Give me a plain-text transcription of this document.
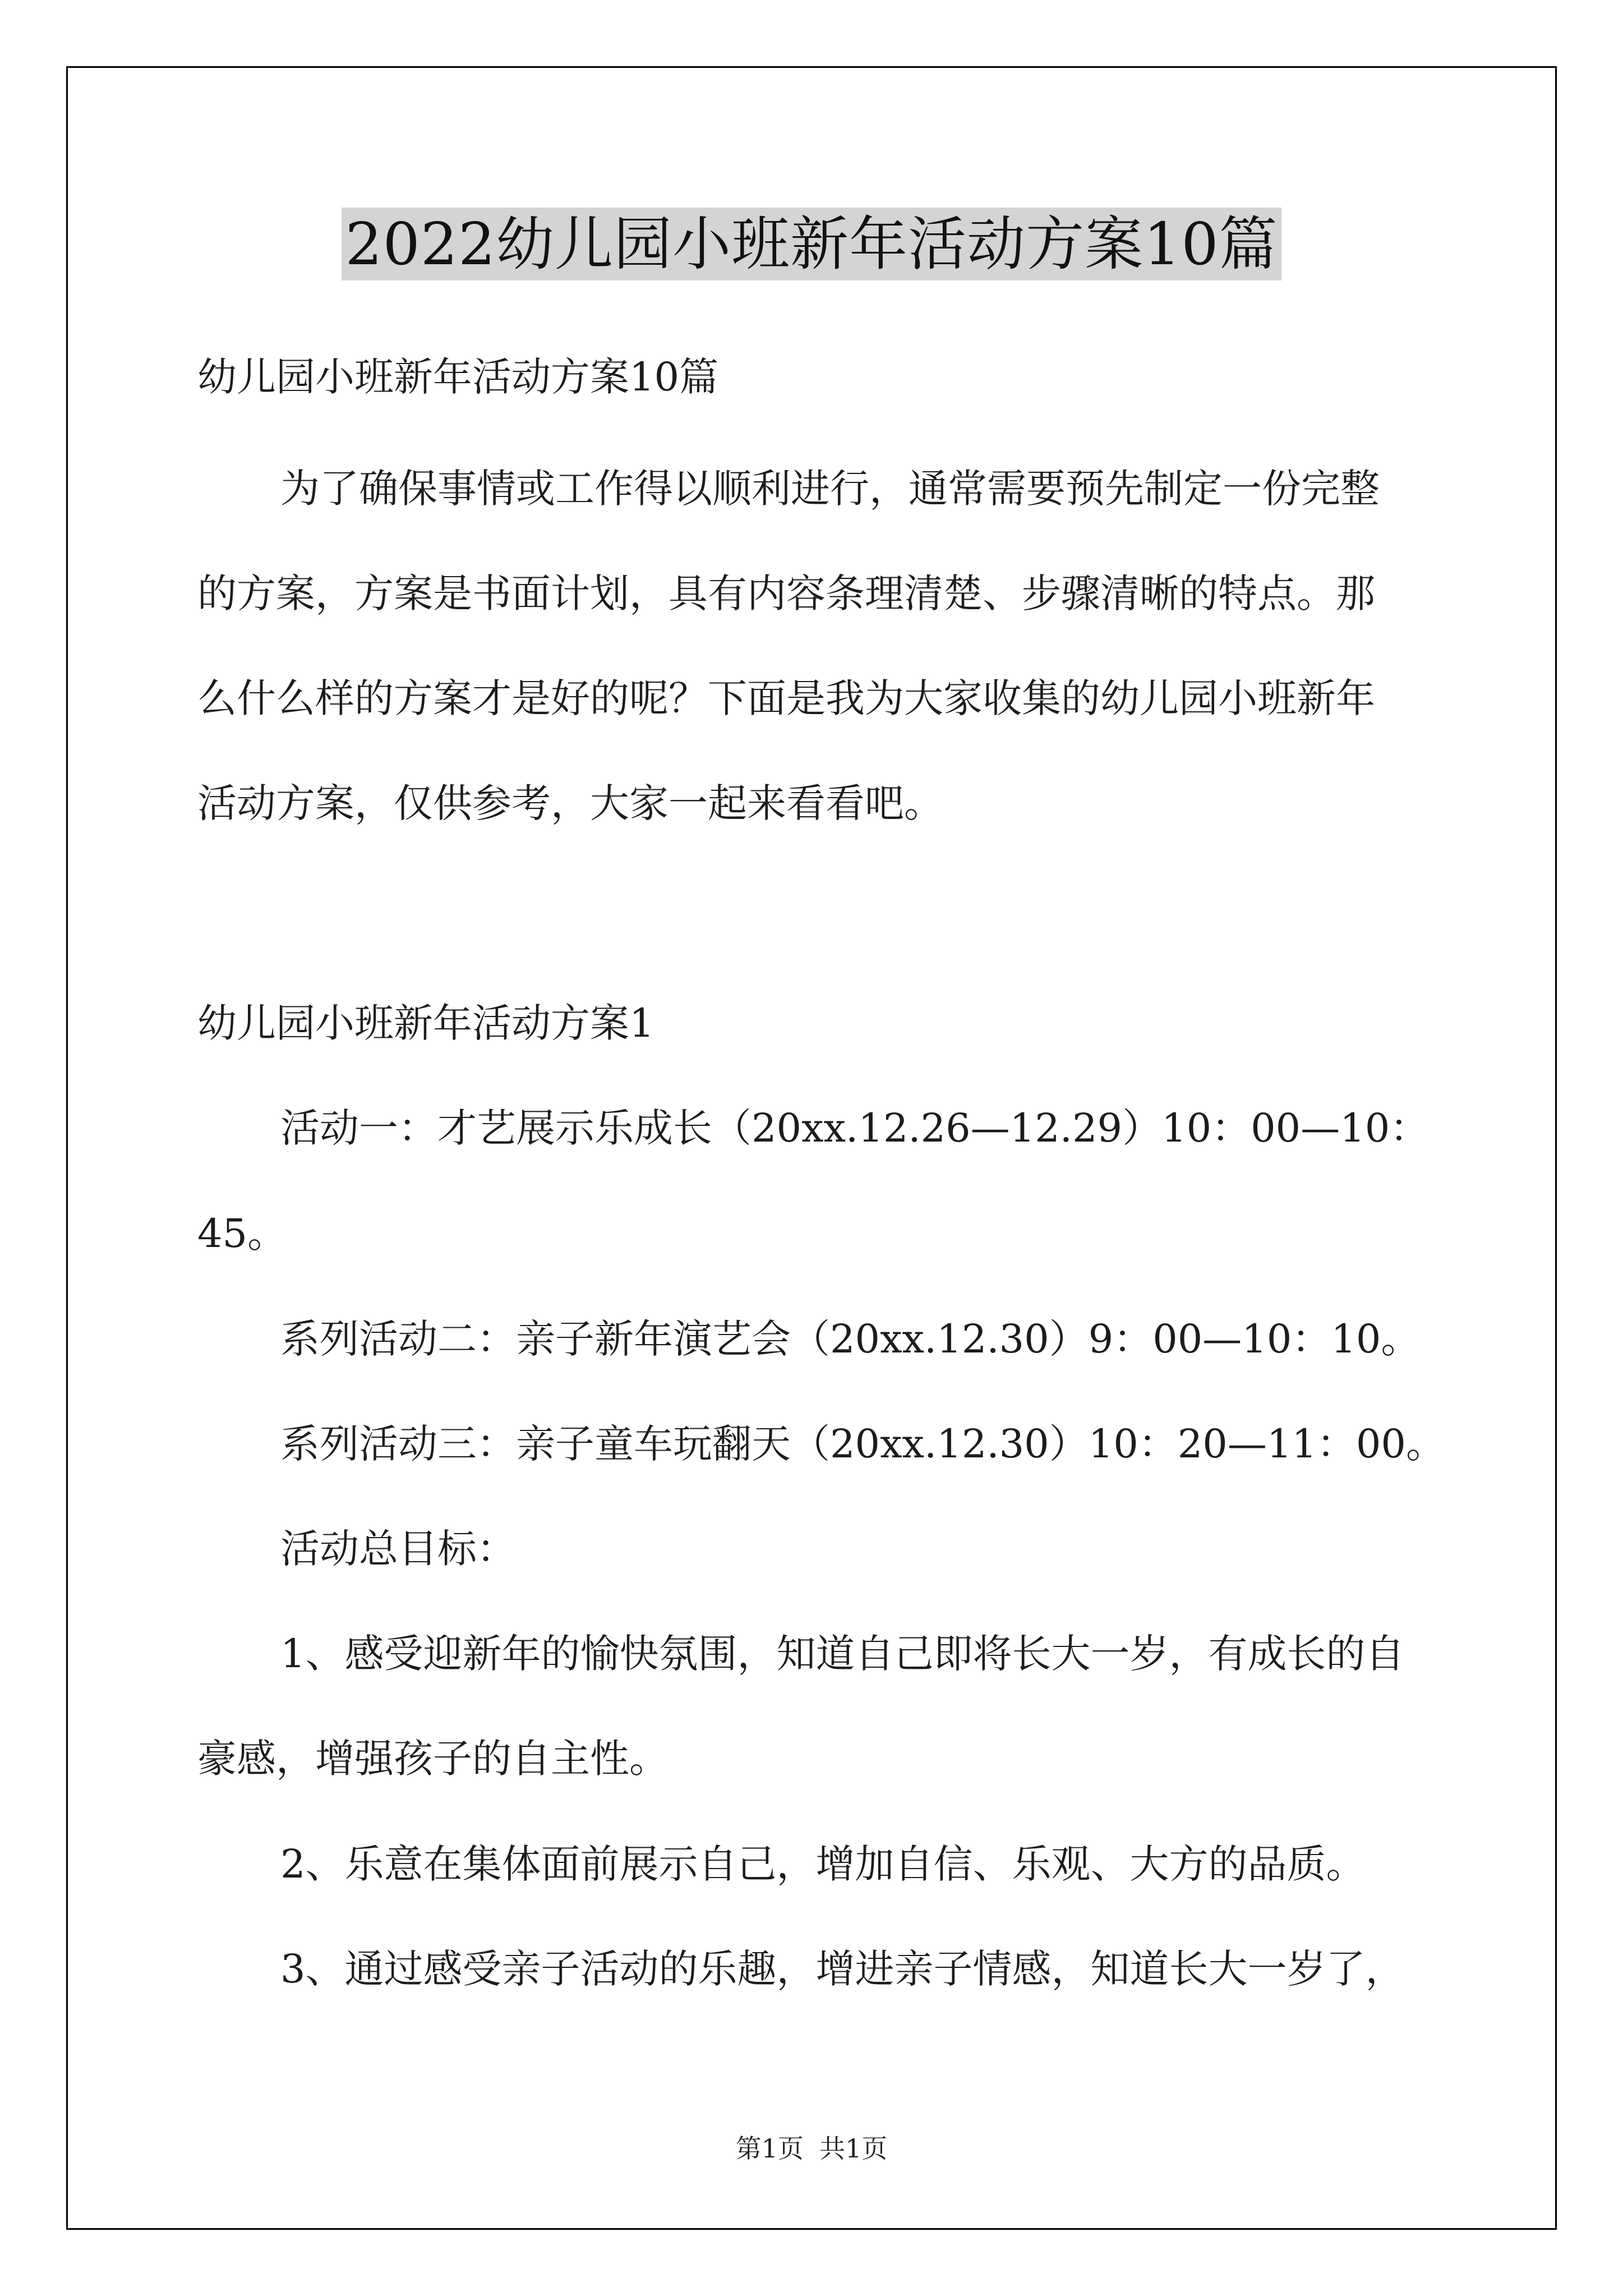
2022幼儿园小班新年活动方案10篇
幼儿园小班新年活动方案10篇
为了确保事情或工作得以顺利进行，通常需要预先制定一份完整
的方案，方案是书面计划，具有内容条理清楚、步骤清晰的特点。那
么什么样的方案才是好的呢？下面是我为大家收集的幼儿园小班新年
活动方案，仅供参考，大家一起来看看吧。
幼儿园小班新年活动方案1
活动一：才艺展示乐成长（20xx.12.26—12.29）10：00—10：
45。
系列活动二：亲子新年演艺会（20xx.12.30）9：00—10：10。
系列活动三：亲子童车玩翻天（20xx.12.30）10：20—11：00。
活动总目标：
1、感受迎新年的愉快氛围，知道自己即将长大一岁，有成长的自
豪感，增强孩子的自主性。
2、乐意在集体面前展示自己，增加自信、乐观、大方的品质。
3、通过感受亲子活动的乐趣，增进亲子情感，知道长大一岁了，
第1页 共1页
